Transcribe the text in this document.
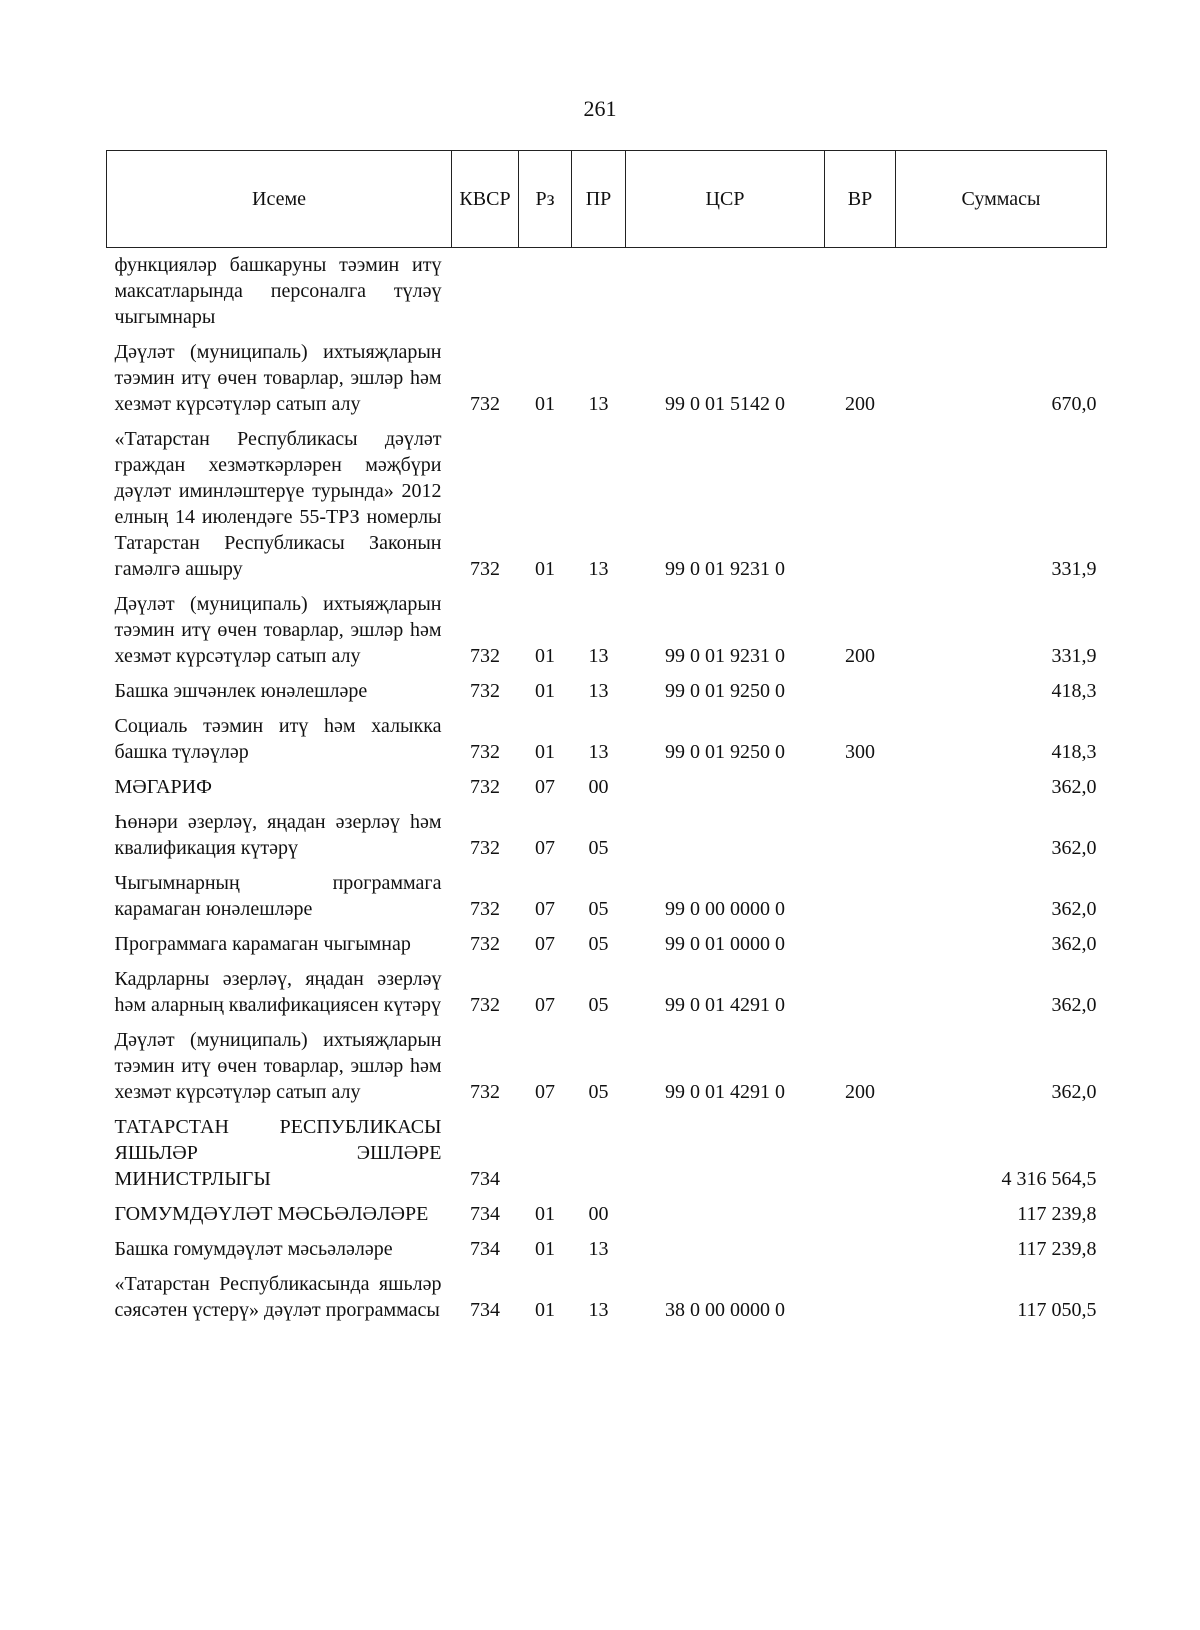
261
Исеме	КВСР	Рз	ПР	ЦСР	ВР	Суммасы
функцияләр башкаруны тәэмин итү максатларында персоналга түләү чыгымнары						
Дәүләт (муниципаль) ихтыяҗларын тәэмин итү өчен товарлар, эшләр һәм хезмәт күрсәтүләр сатып алу	732	01	13	99 0 01 5142 0	200	670,0
«Татарстан Республикасы дәүләт граждан хезмәткәрләрен мәҗбүри дәүләт иминләштерүе турында» 2012 елның 14 июлендәге 55-ТРЗ номерлы Татарстан Республикасы Законын гамәлгә ашыру	732	01	13	99 0 01 9231 0		331,9
Дәүләт (муниципаль) ихтыяҗларын тәэмин итү өчен товарлар, эшләр һәм хезмәт күрсәтүләр сатып алу	732	01	13	99 0 01 9231 0	200	331,9
Башка эшчәнлек юнәлешләре	732	01	13	99 0 01 9250 0		418,3
Социаль тәэмин итү һәм халыкка башка түләүләр	732	01	13	99 0 01 9250 0	300	418,3
МӘГАРИФ	732	07	00			362,0
Һөнәри әзерләү, яңадан әзерләү һәм квалификация күтәрү	732	07	05			362,0
Чыгымнарның программага карамаган юнәлешләре	732	07	05	99 0 00 0000 0		362,0
Программага карамаган чыгымнар	732	07	05	99 0 01 0000 0		362,0
Кадрларны әзерләү, яңадан әзерләү һәм аларның квалификациясен күтәрү	732	07	05	99 0 01 4291 0		362,0
Дәүләт (муниципаль) ихтыяҗларын тәэмин итү өчен товарлар, эшләр һәм хезмәт күрсәтүләр сатып алу	732	07	05	99 0 01 4291 0	200	362,0
ТАТАРСТАН РЕСПУБЛИКАСЫ ЯШЬЛӘР ЭШЛӘРЕ МИНИСТРЛЫГЫ	734					4 316 564,5
ГОМУМДӘҮЛӘТ МӘСЬӘЛӘЛӘРЕ	734	01	00			117 239,8
Башка гомумдәүләт мәсьәләләре	734	01	13			117 239,8
«Татарстан Республикасында яшьләр сәясәтен үстерү» дәүләт программасы	734	01	13	38 0 00 0000 0		117 050,5
